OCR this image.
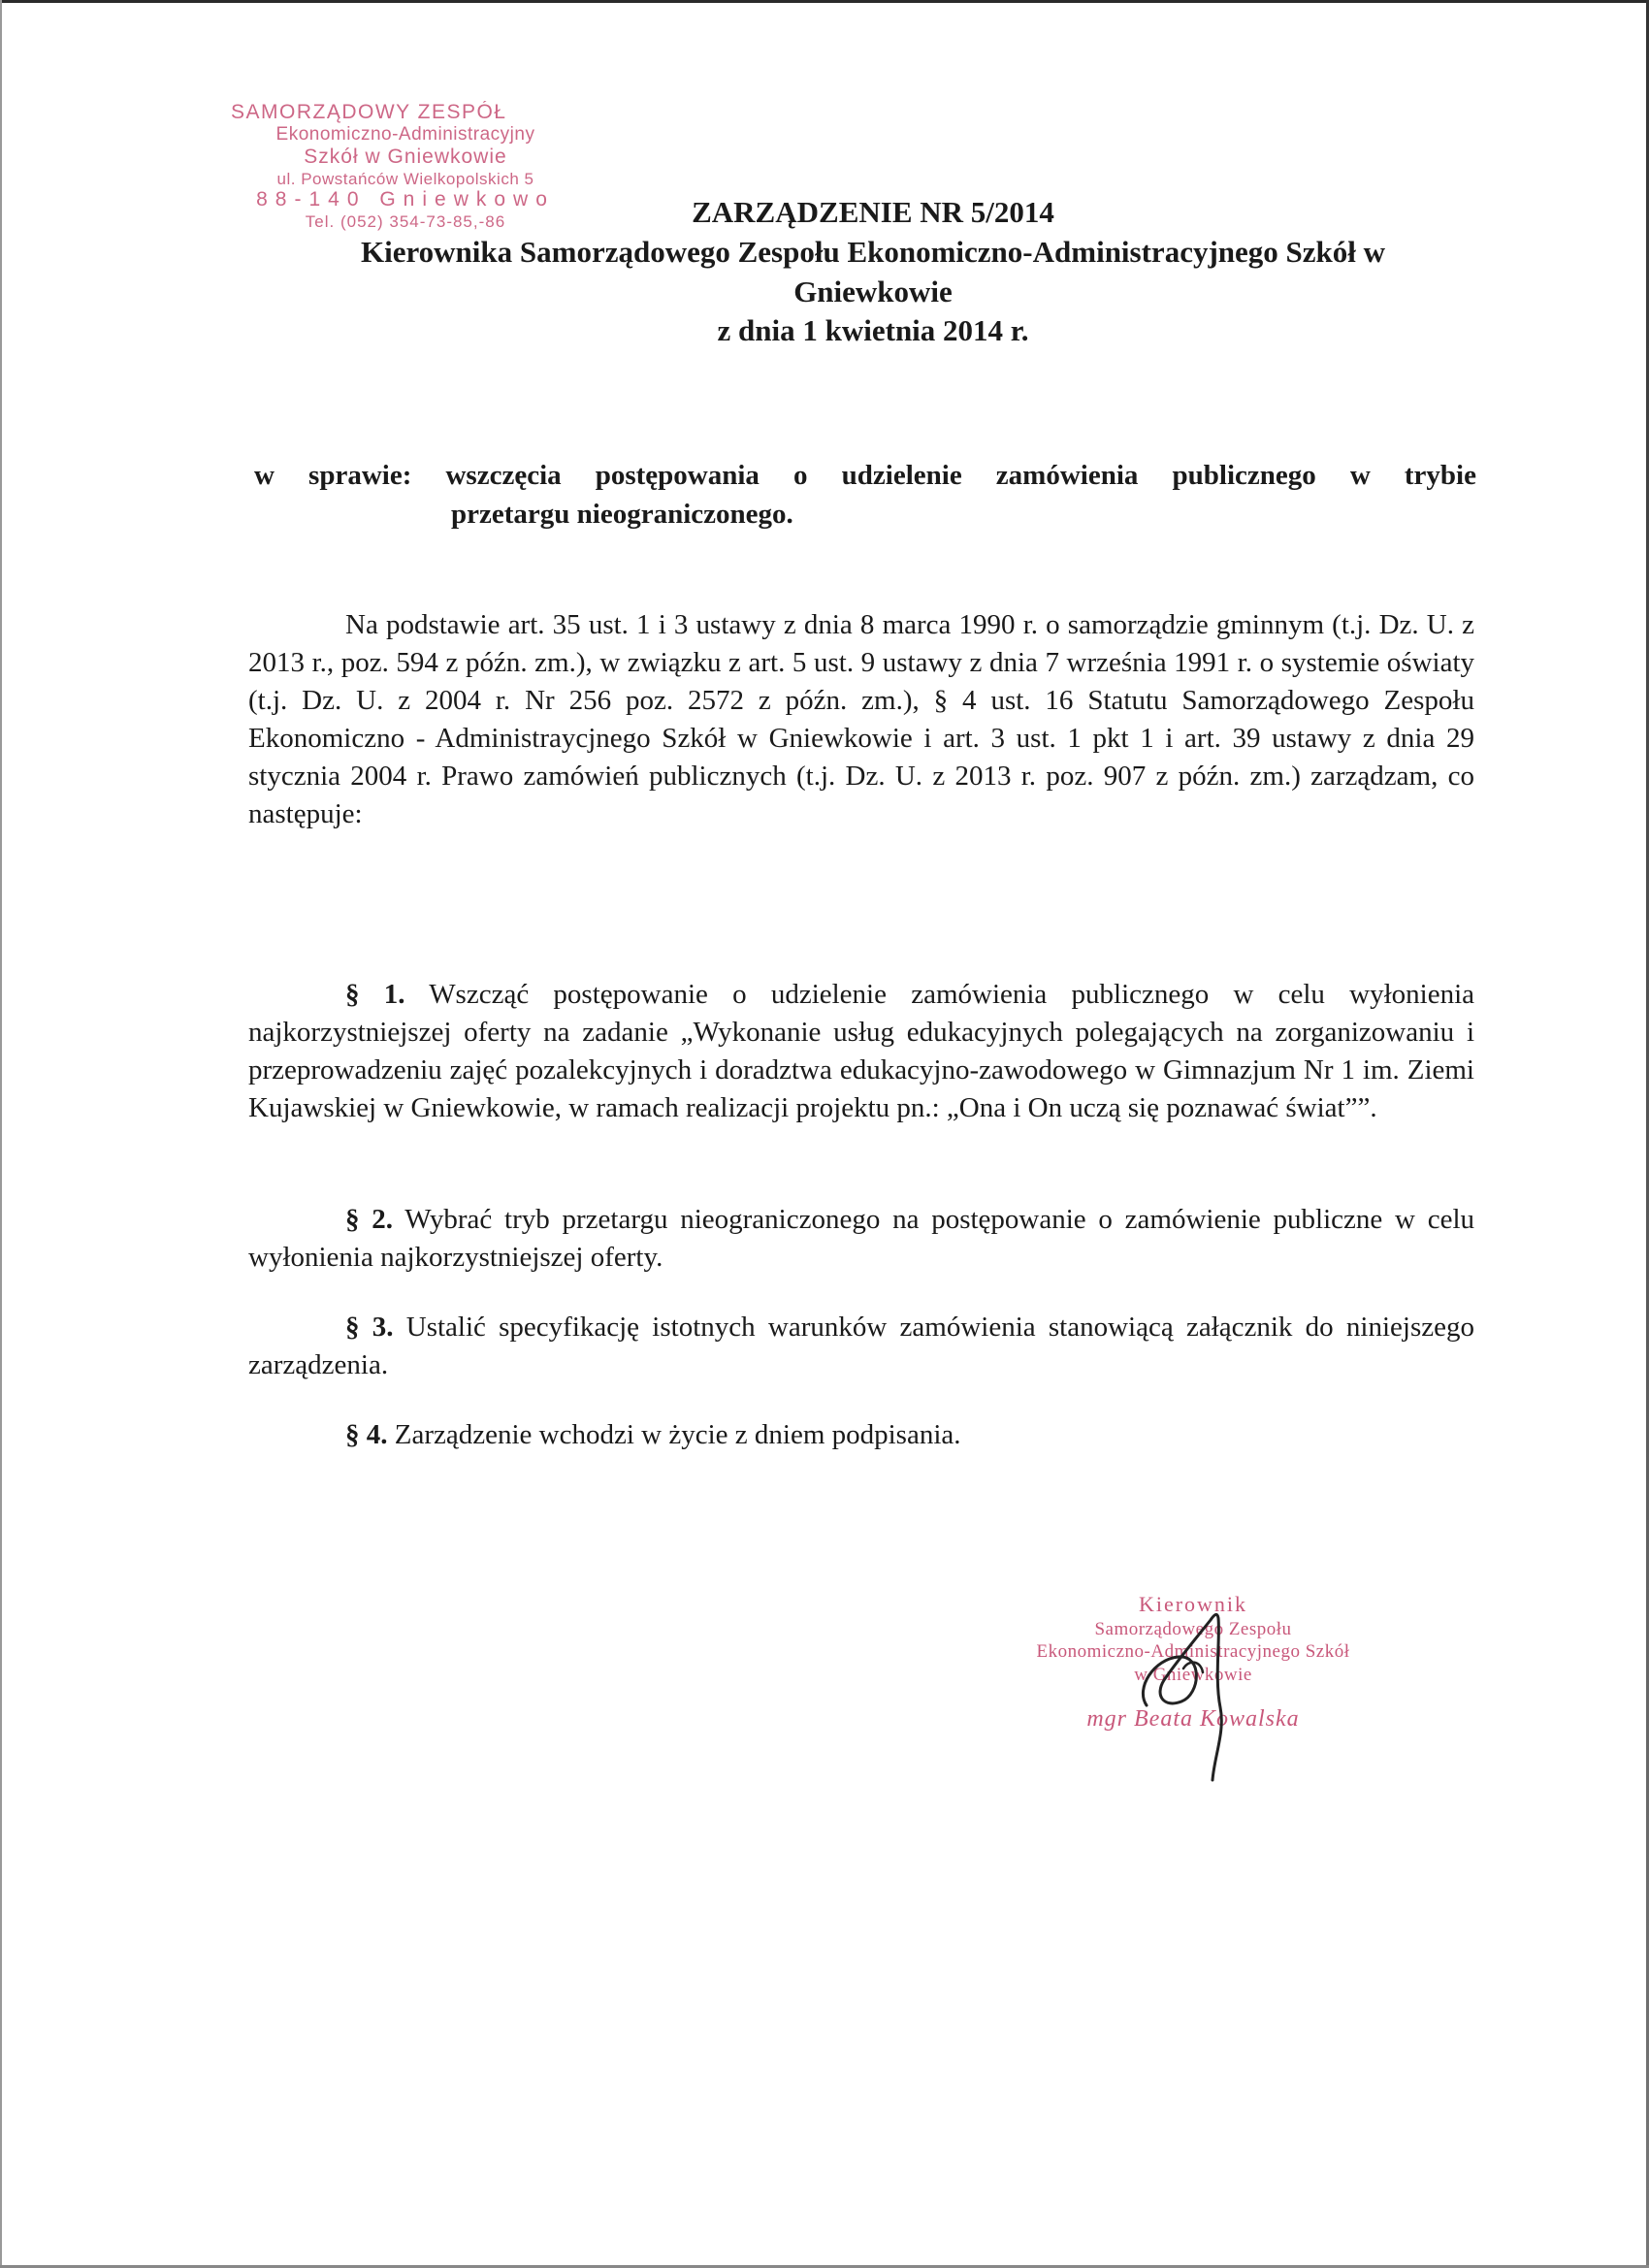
SAMORZĄDOWY ZESPÓŁ
Ekonomiczno-Administracyjny
Szkół w Gniewkowie
ul. Powstańców Wielkopolskich 5
88-140 Gniewkowo
Tel. (052) 354-73-85,-86	ZARZĄDZENIE NR 5/2014
Kierownika Samorządowego Zespołu Ekonomiczno-Administracyjnego Szkół w
Gniewkowie
z dnia 1 kwietnia 2014 r.
w sprawie: wszczęcia postępowania o udzielenie zamówienia publicznego w trybie
przetargu nieograniczonego.
Na podstawie art. 35 ust. 1 i 3 ustawy z dnia 8 marca 1990 r. o samorządzie gminnym (t.j. Dz. U. z 2013 r., poz. 594 z późn. zm.), w związku z art. 5 ust. 9 ustawy z dnia 7 września 1991 r. o systemie oświaty (t.j. Dz. U. z 2004 r. Nr 256 poz. 2572 z późn. zm.), § 4 ust. 16 Statutu Samorządowego Zespołu Ekonomiczno - Administraycjnego Szkół w Gniewkowie i art. 3 ust. 1 pkt 1 i art. 39 ustawy z dnia 29 stycznia 2004 r. Prawo zamówień publicznych (t.j. Dz. U. z 2013 r. poz. 907 z późn. zm.) zarządzam, co następuje:
§ 1. Wszcząć postępowanie o udzielenie zamówienia publicznego w celu wyłonienia najkorzystniejszej oferty na zadanie „Wykonanie usług edukacyjnych polegających na zorganizowaniu i przeprowadzeniu zajęć pozalekcyjnych i doradztwa edukacyjno-zawodowego w Gimnazjum Nr 1 im. Ziemi Kujawskiej w Gniewkowie, w ramach realizacji projektu pn.: „Ona i On uczą się poznawać świat””.
§ 2. Wybrać tryb przetargu nieograniczonego na postępowanie o zamówienie publiczne w celu wyłonienia najkorzystniejszej oferty.
§ 3. Ustalić specyfikację istotnych warunków zamówienia stanowiącą załącznik do niniejszego zarządzenia.
§ 4. Zarządzenie wchodzi w życie z dniem podpisania.
Kierownik
Samorządowego Zespołu
Ekonomiczno-Administracyjnego Szkół
w Gniewkowie
mgr Beata Kowalska
